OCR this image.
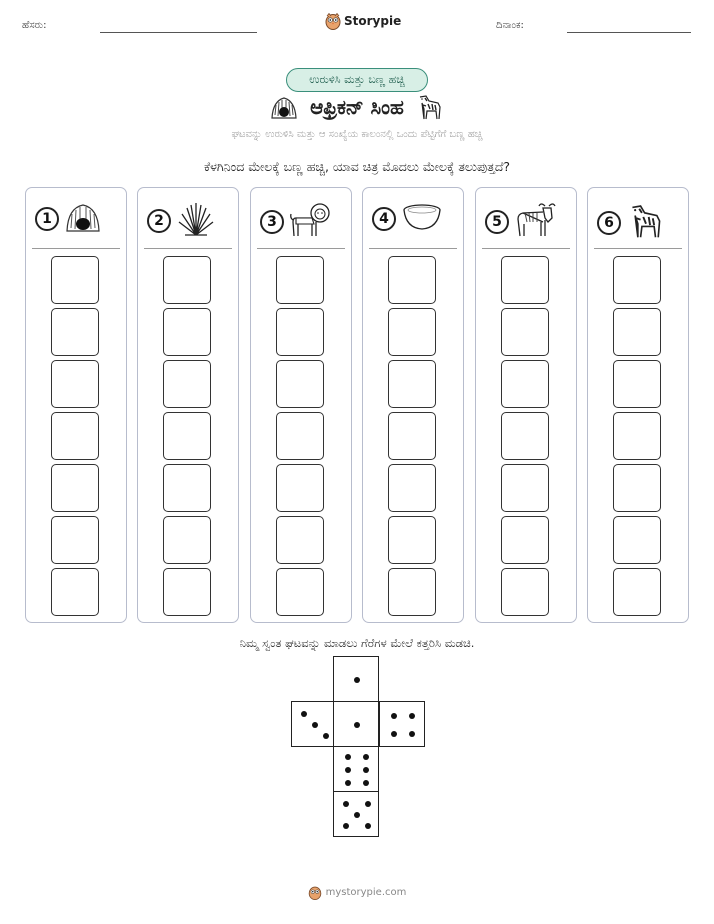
ಹೆಸರು:	Storypie	ದಿನಾಂಕ:
ಉರುಳಿಸಿ ಮತ್ತು ಬಣ್ಣ ಹಚ್ಚಿ
ಆಫ್ರಿಕನ್ ಸಿಂಹ
ಘಟವನ್ನು ಉರುಳಿಸಿ ಮತ್ತು ಆ ಸಂಖ್ಯೆಯ ಕಾಲಂನಲ್ಲಿ ಒಂದು ಪೆಟ್ಟಿಗೆಗೆ ಬಣ್ಣ ಹಚ್ಚಿ
ಕೆಳಗಿನಿಂದ ಮೇಲಕ್ಕೆ ಬಣ್ಣ ಹಚ್ಚಿ, ಯಾವ ಚಿತ್ರ ಮೊದಲು ಮೇಲಕ್ಕೆ ತಲುಪುತ್ತದೆ?
1	2	3	4	5	6
ನಿಮ್ಮ ಸ್ವಂತ ಘಟವನ್ನು ಮಾಡಲು ಗೆರೆಗಳ ಮೇಲೆ ಕತ್ತರಿಸಿ ಮಡಚಿ.
mystorypie.com
